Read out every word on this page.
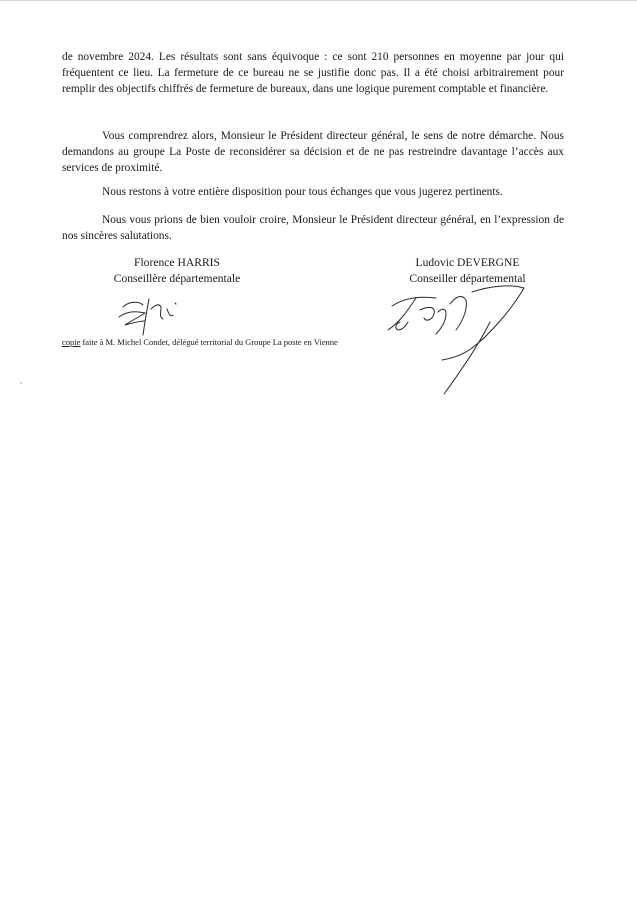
de novembre 2024. Les résultats sont sans équivoque : ce sont 210 personnes en moyenne par jour qui fréquentent ce lieu. La fermeture de ce bureau ne se justifie donc pas. Il a été choisi arbitrairement pour remplir des objectifs chiffrés de fermeture de bureaux, dans une logique purement comptable et financière.

Vous comprendrez alors, Monsieur le Président directeur général, le sens de notre démarche. Nous demandons au groupe La Poste de reconsidérer sa décision et de ne pas restreindre davantage l’accès aux services de proximité.

Nous restons à votre entière disposition pour tous échanges que vous jugerez pertinents.

Nous vous prions de bien vouloir croire, Monsieur le Président directeur général, en l’expression de nos sincères salutations.

Florence HARRIS
Conseillère départementale
Ludovic DEVERGNE
Conseiller départemental
copie faite à M. Michel Condet, délégué territorial du Groupe La poste en Vienne
